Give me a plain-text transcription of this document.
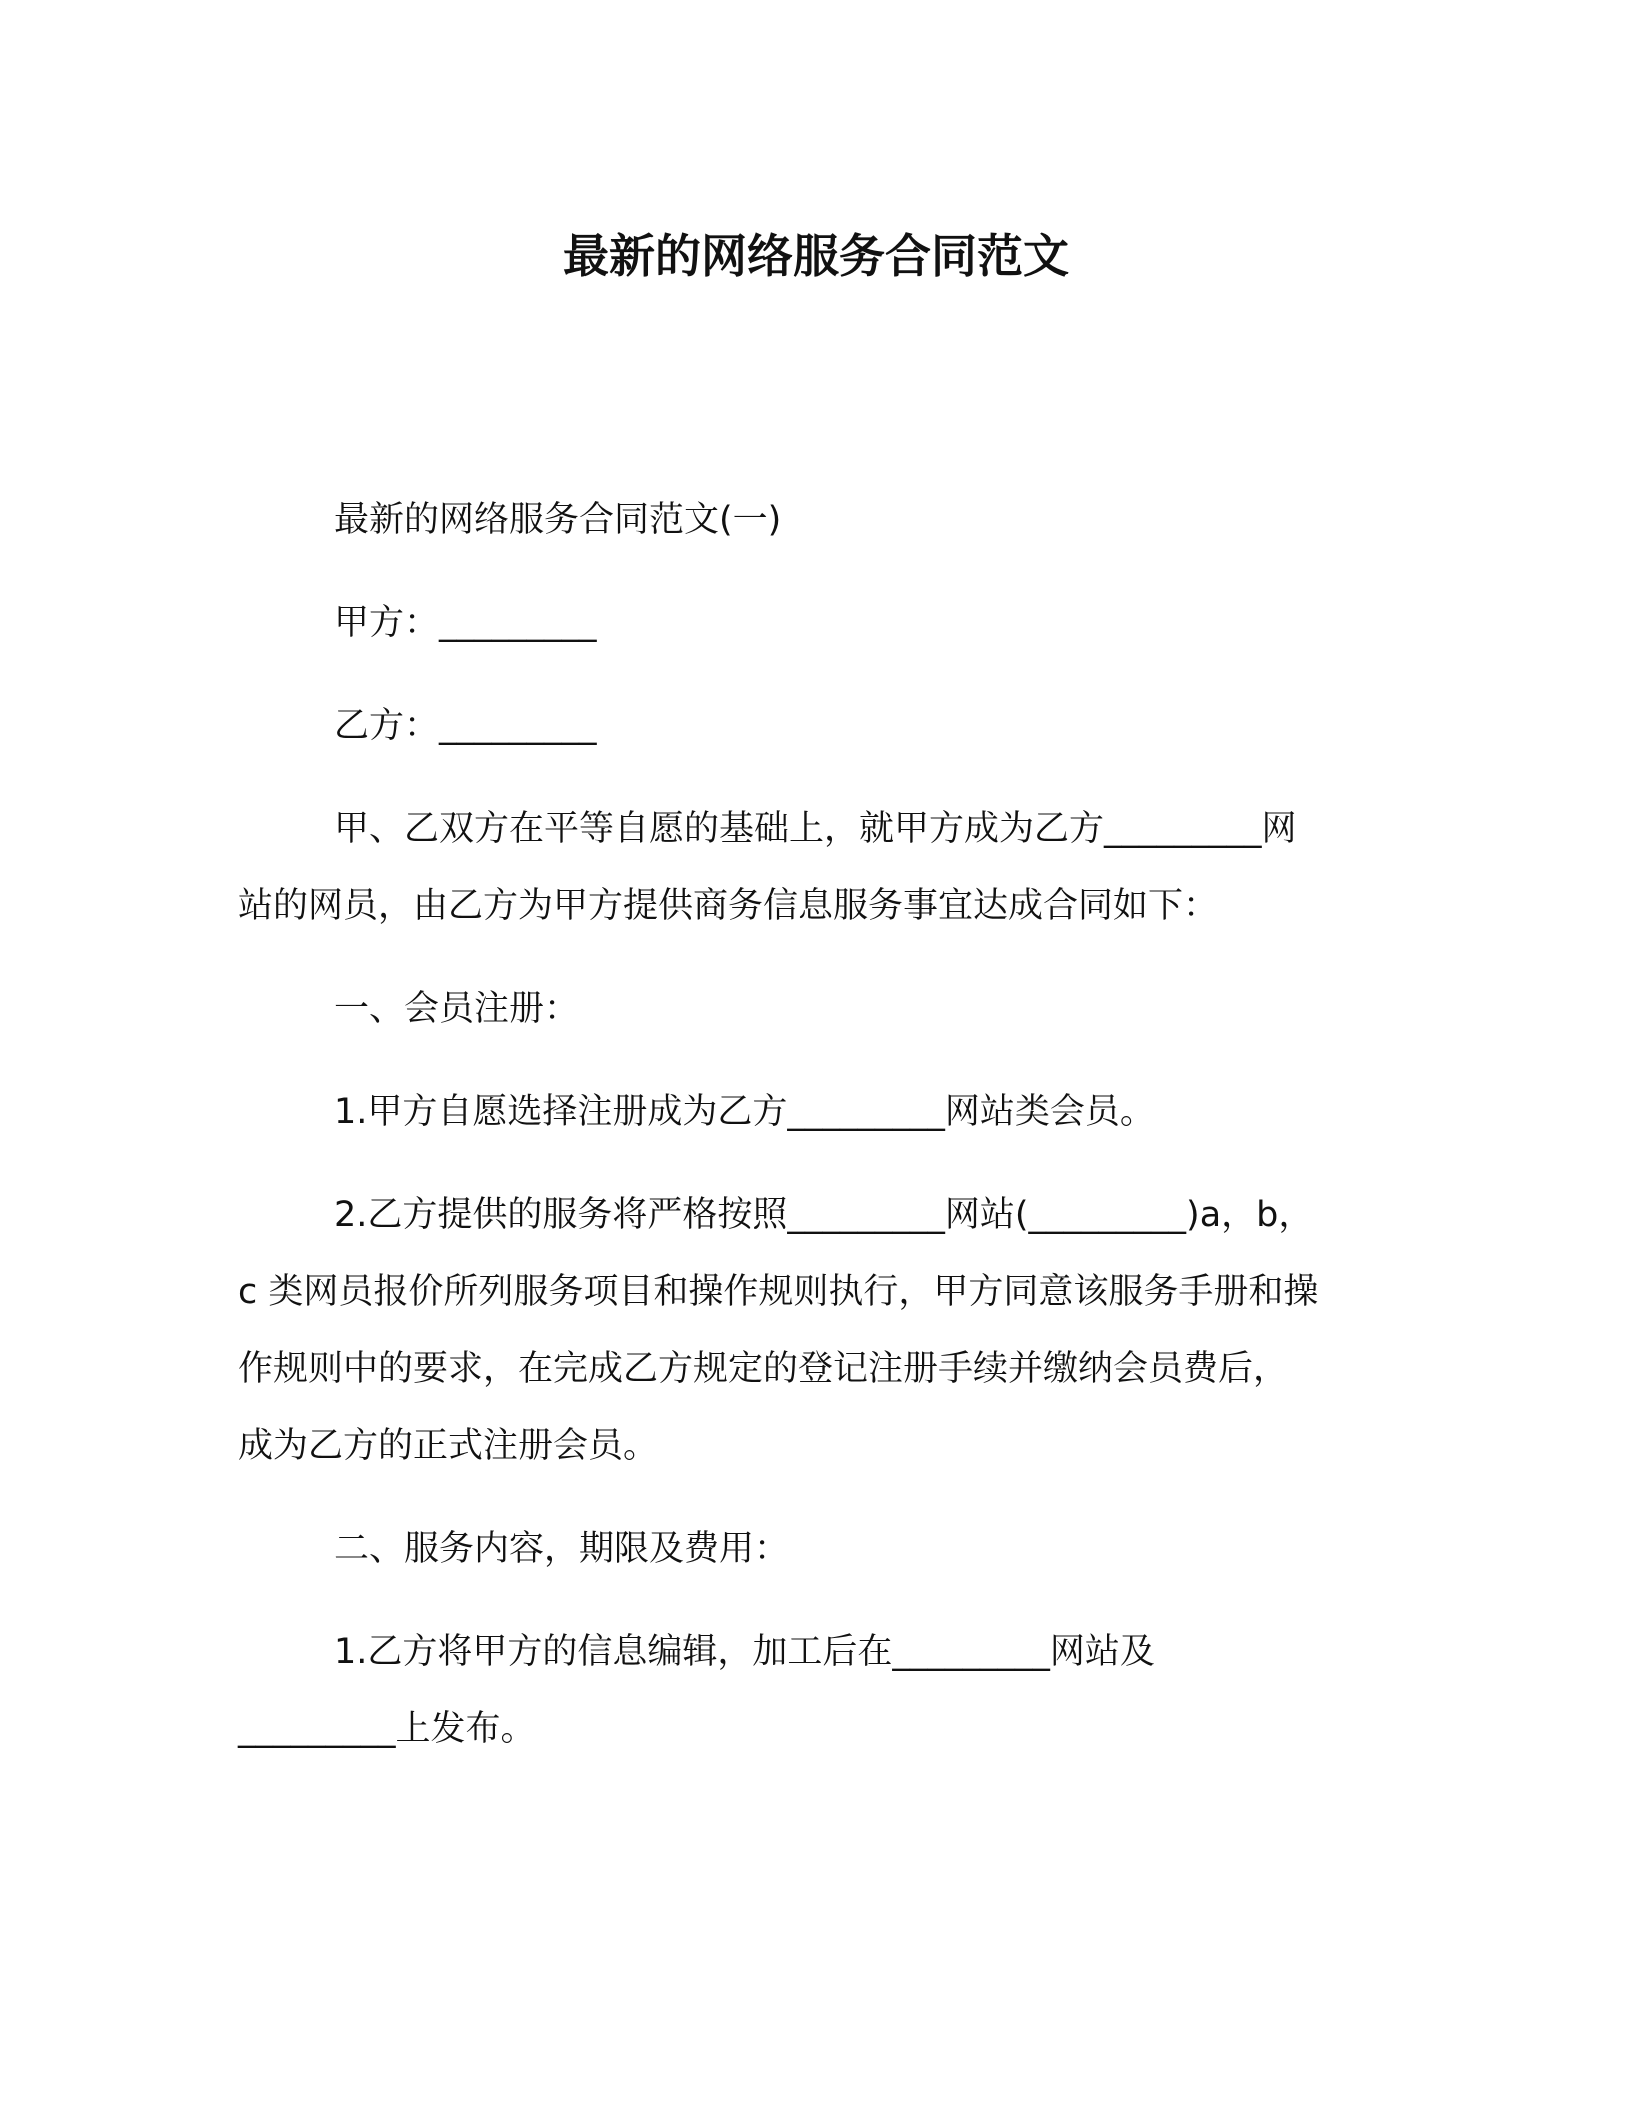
最新的网络服务合同范文
最新的网络服务合同范文(一)
甲方：_________
乙方：_________
甲、乙双方在平等自愿的基础上，就甲方成为乙方_________网
站的网员，由乙方为甲方提供商务信息服务事宜达成合同如下：
一、会员注册：
1.甲方自愿选择注册成为乙方_________网站类会员。
2.乙方提供的服务将严格按照_________网站(_________)a，b，
c 类网员报价所列服务项目和操作规则执行，甲方同意该服务手册和操
作规则中的要求，在完成乙方规定的登记注册手续并缴纳会员费后，
成为乙方的正式注册会员。
二、服务内容，期限及费用：
1.乙方将甲方的信息编辑，加工后在_________网站及
_________上发布。
